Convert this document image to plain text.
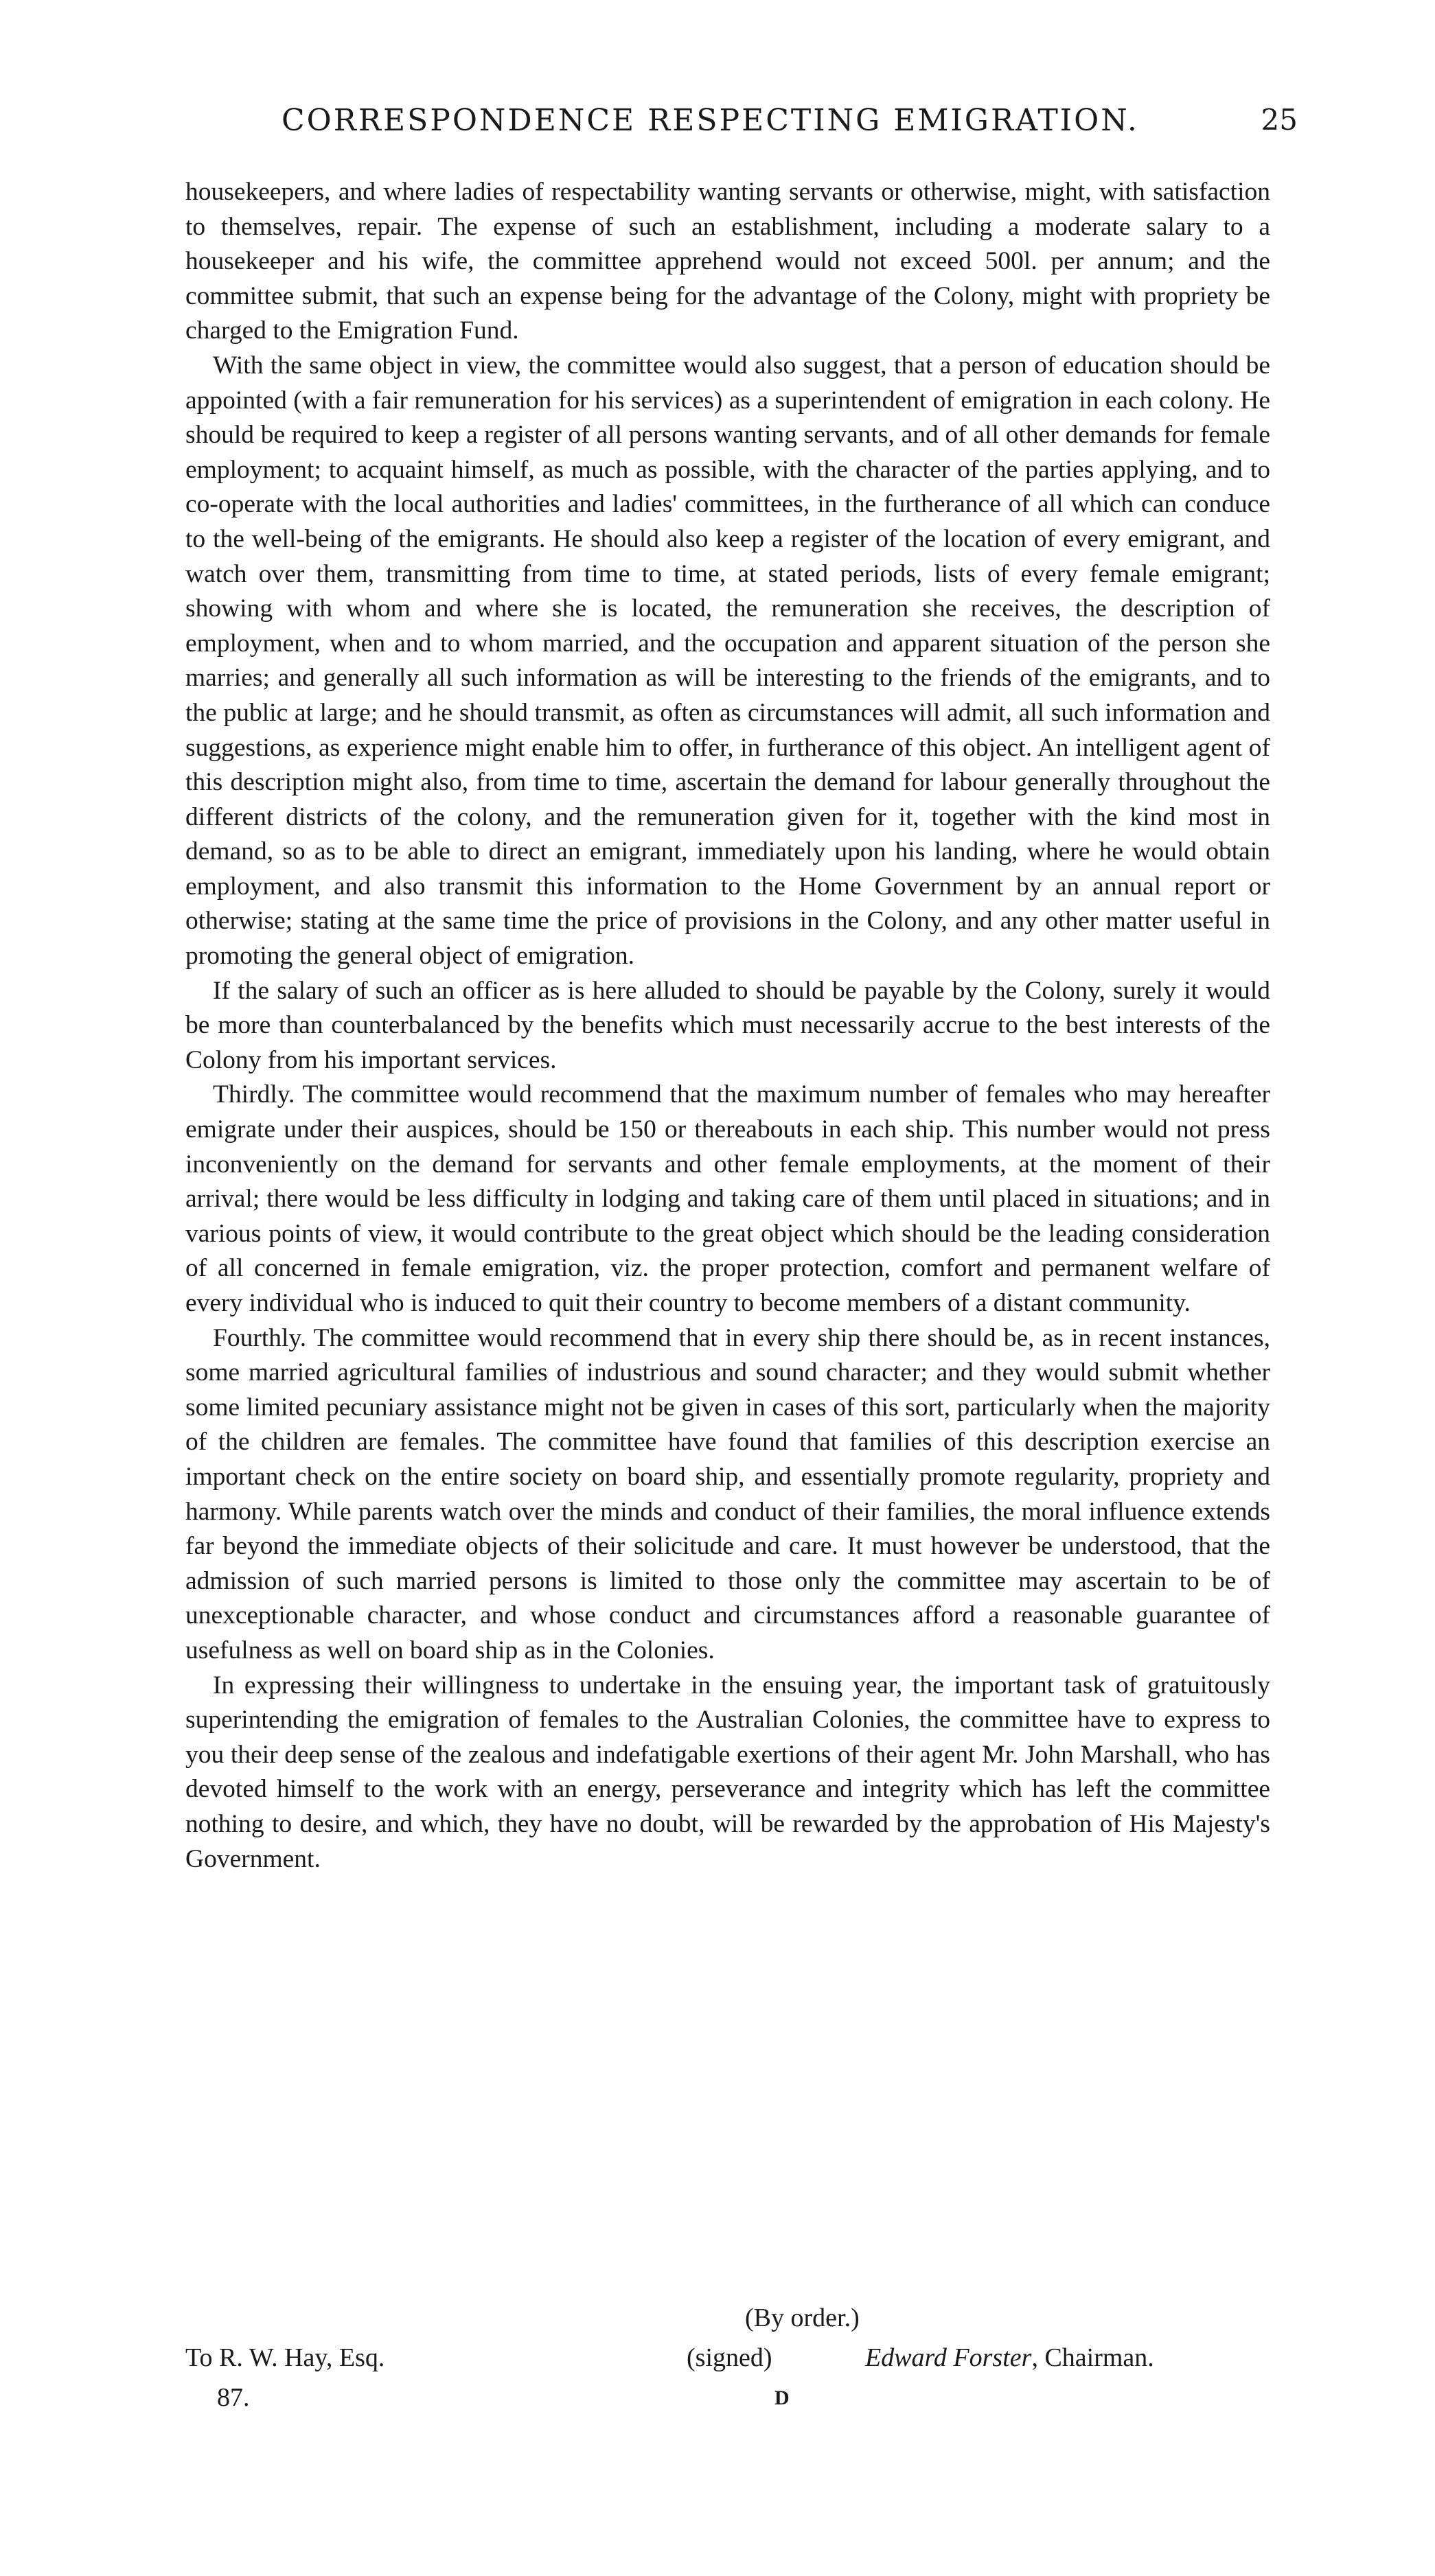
CORRESPONDENCE RESPECTING EMIGRATION.	25

housekeepers, and where ladies of respectability wanting servants or otherwise, might, with satisfaction to themselves, repair. The expense of such an establishment, including a moderate salary to a housekeeper and his wife, the committee apprehend would not exceed 500l. per annum; and the committee submit, that such an expense being for the advantage of the Colony, might with propriety be charged to the Emigration Fund.

With the same object in view, the committee would also suggest, that a person of education should be appointed (with a fair remuneration for his services) as a superintendent of emigration in each colony. He should be required to keep a register of all persons wanting servants, and of all other demands for female employment; to acquaint himself, as much as possible, with the character of the parties applying, and to co-operate with the local authorities and ladies' committees, in the furtherance of all which can conduce to the well-being of the emigrants. He should also keep a register of the location of every emigrant, and watch over them, transmitting from time to time, at stated periods, lists of every female emigrant; showing with whom and where she is located, the remuneration she receives, the description of employment, when and to whom married, and the occupation and apparent situation of the person she marries; and generally all such information as will be interesting to the friends of the emigrants, and to the public at large; and he should transmit, as often as circumstances will admit, all such information and suggestions, as experience might enable him to offer, in furtherance of this object. An intelligent agent of this description might also, from time to time, ascertain the demand for labour generally throughout the different districts of the colony, and the remuneration given for it, together with the kind most in demand, so as to be able to direct an emigrant, immediately upon his landing, where he would obtain employment, and also transmit this information to the Home Government by an annual report or otherwise; stating at the same time the price of provisions in the Colony, and any other matter useful in promoting the general object of emigration.

If the salary of such an officer as is here alluded to should be payable by the Colony, surely it would be more than counterbalanced by the benefits which must necessarily accrue to the best interests of the Colony from his important services.

Thirdly. The committee would recommend that the maximum number of females who may hereafter emigrate under their auspices, should be 150 or thereabouts in each ship. This number would not press inconveniently on the demand for servants and other female employments, at the moment of their arrival; there would be less difficulty in lodging and taking care of them until placed in situations; and in various points of view, it would contribute to the great object which should be the leading consideration of all concerned in female emigration, viz. the proper protection, comfort and permanent welfare of every individual who is induced to quit their country to become members of a distant community.

Fourthly. The committee would recommend that in every ship there should be, as in recent instances, some married agricultural families of industrious and sound character; and they would submit whether some limited pecuniary assistance might not be given in cases of this sort, particularly when the majority of the children are females. The committee have found that families of this description exercise an important check on the entire society on board ship, and essentially promote regularity, propriety and harmony. While parents watch over the minds and conduct of their families, the moral influence extends far beyond the immediate objects of their solicitude and care. It must however be understood, that the admission of such married persons is limited to those only the committee may ascertain to be of unexceptionable character, and whose conduct and circumstances afford a reasonable guarantee of usefulness as well on board ship as in the Colonies.

In expressing their willingness to undertake in the ensuing year, the important task of gratuitously superintending the emigration of females to the Australian Colonies, the committee have to express to you their deep sense of the zealous and indefatigable exertions of their agent Mr. John Marshall, who has devoted himself to the work with an energy, perseverance and integrity which has left the committee nothing to desire, and which, they have no doubt, will be rewarded by the approbation of His Majesty's Government.

(By order.)
To R. W. Hay, Esq.	(signed)	Edward Forster, Chairman.
87.	D
